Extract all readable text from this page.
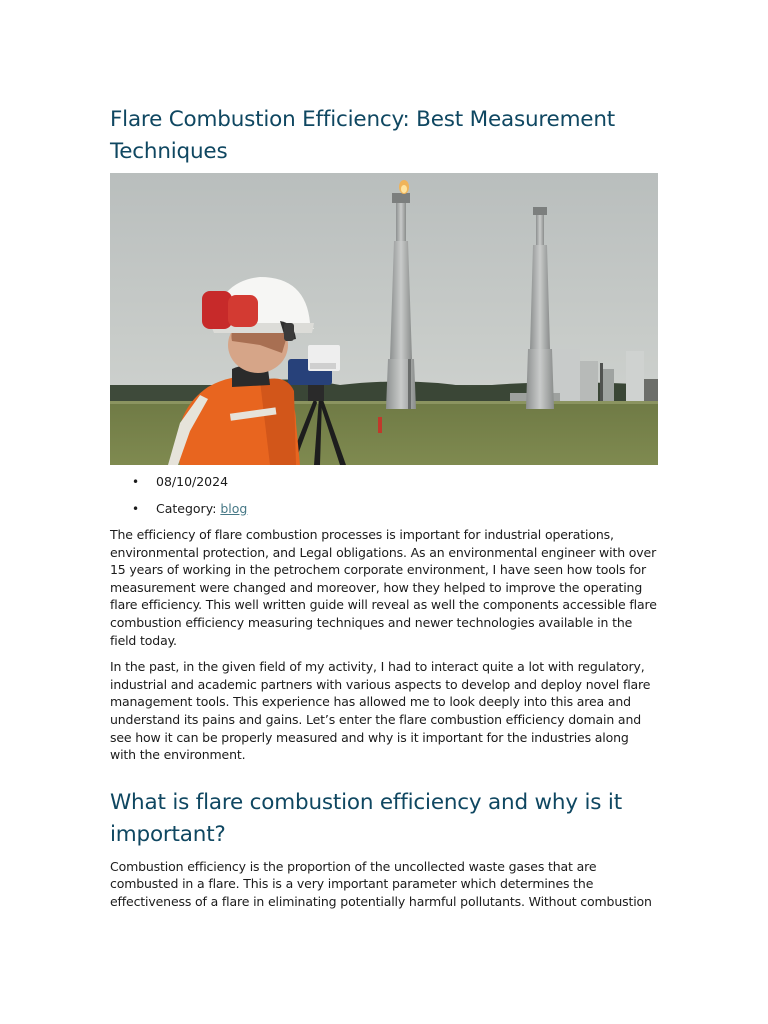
Flare Combustion Efficiency: Best Measurement Techniques
• 08/10/2024
• Category: blog

The efficiency of flare combustion processes is important for industrial operations, environmental protection, and Legal obligations. As an environmental engineer with over 15 years of working in the petrochem corporate environment, I have seen how tools for measurement were changed and moreover, how they helped to improve the operating flare efficiency. This well written guide will reveal as well the components accessible flare combustion efficiency measuring techniques and newer technologies available in the field today.

In the past, in the given field of my activity, I had to interact quite a lot with regulatory, industrial and academic partners with various aspects to develop and deploy novel flare management tools. This experience has allowed me to look deeply into this area and understand its pains and gains. Let’s enter the flare combustion efficiency domain and see how it can be properly measured and why is it important for the industries along with the environment.

What is flare combustion efficiency and why is it important?

Combustion efficiency is the proportion of the uncollected waste gases that are combusted in a flare. This is a very important parameter which determines the effectiveness of a flare in eliminating potentially harmful pollutants. Without combustion
